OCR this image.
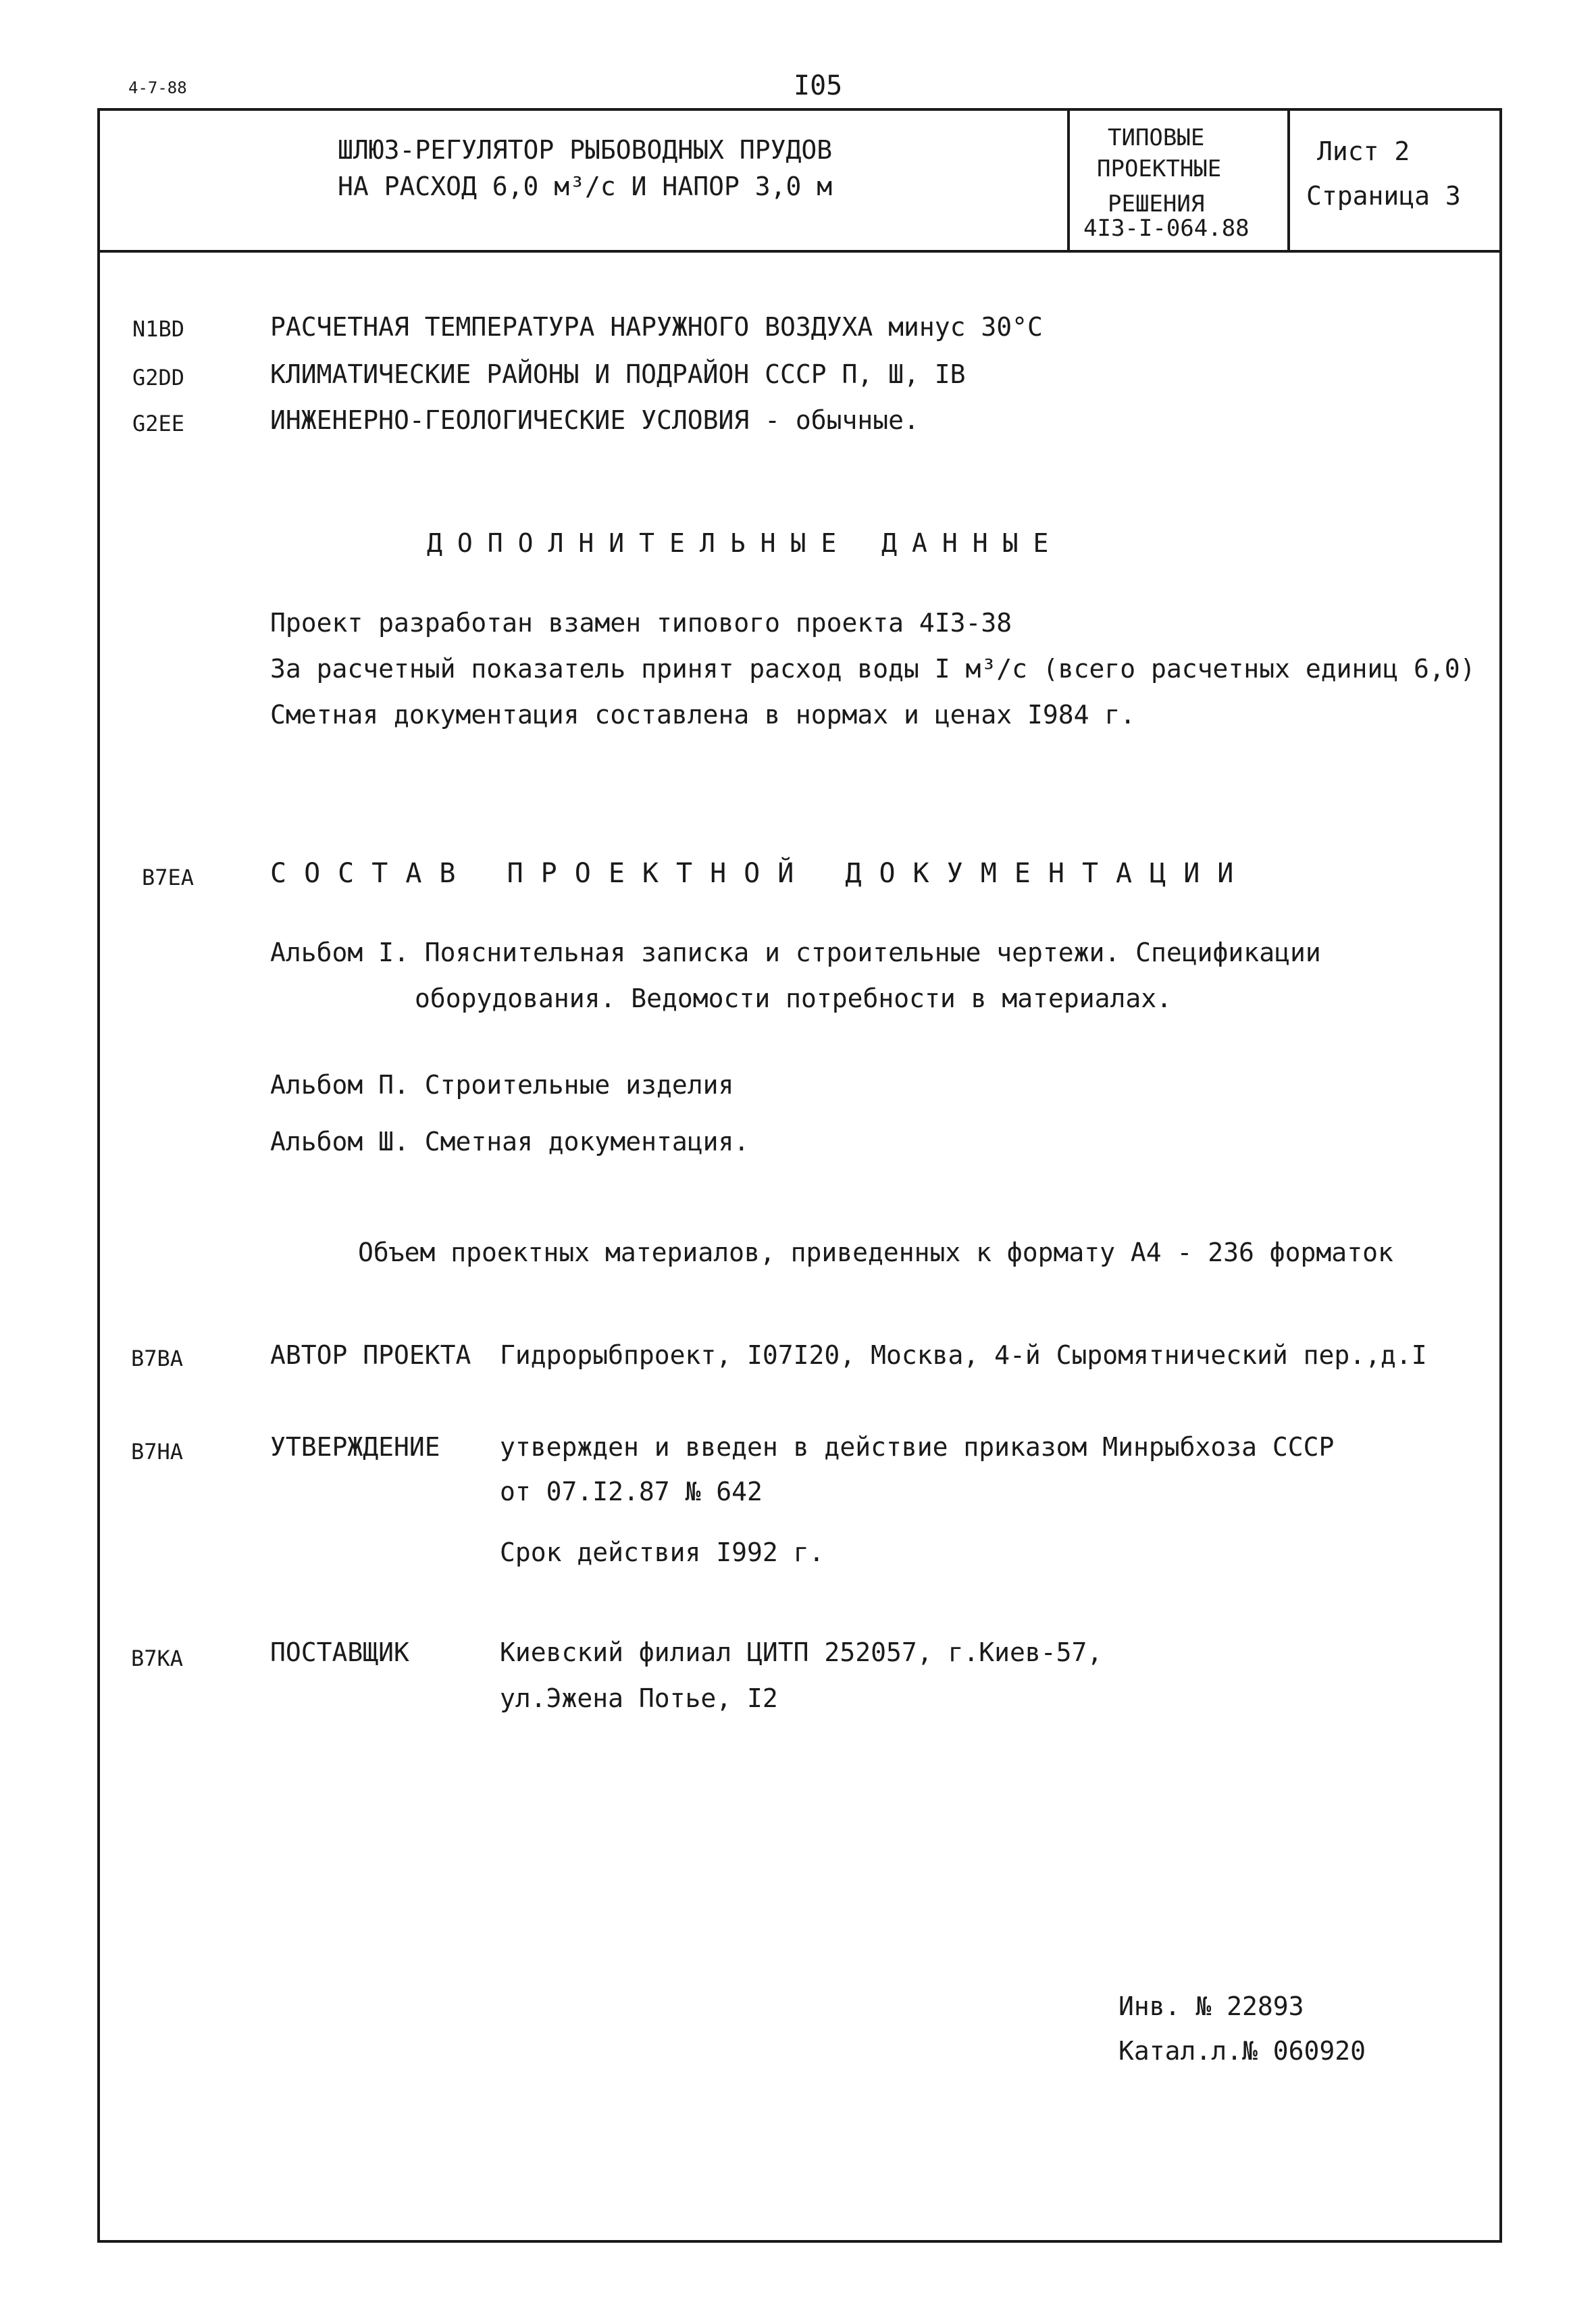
4-7-88	I05
ШЛЮЗ-РЕГУЛЯТОР РЫБОВОДНЫХ ПРУДОВ
НА РАСХОД 6,0 м³/с И НАПОР 3,0 м
ТИПОВЫЕ
ПРОЕКТНЫЕ
РЕШЕНИЯ
4I3-I-064.88
Лист 2
Страница 3
N1BD	РАСЧЕТНАЯ ТЕМПЕРАТУРА НАРУЖНОГО ВОЗДУХА минус 30°С
G2DD	КЛИМАТИЧЕСКИЕ РАЙОНЫ И ПОДРАЙОН СССР П, Ш, IВ
G2EE	ИНЖЕНЕРНО-ГЕОЛОГИЧЕСКИЕ УСЛОВИЯ - обычные.
ДОПОЛНИТЕЛЬНЫЕ ДАННЫЕ
Проект разработан взамен типового проекта 4I3-38
За расчетный показатель принят расход воды I м³/с (всего расчетных единиц 6,0)
Сметная документация составлена в нормах и ценах I984 г.
B7EA	СОСТАВ ПРОЕКТНОЙ ДОКУМЕНТАЦИИ
Альбом I. Пояснительная записка и строительные чертежи. Спецификации
оборудования. Ведомости потребности в материалах.
Альбом П. Строительные изделия
Альбом Ш. Сметная документация.
Объем проектных материалов, приведенных к формату А4 - 236 форматок
B7BA	АВТОР ПРОЕКТА Гидрорыбпроект, I07I20, Москва, 4-й Сыромятнический пер.,д.I
B7HA	УТВЕРЖДЕНИЕ утвержден и введен в действие приказом Минрыбхоза СССР
от 07.I2.87 № 642
Срок действия I992 г.
B7KA	ПОСТАВЩИК	Киевский филиал ЦИТП 252057, г.Киев-57,
ул.Эжена Потье, I2
Инв. № 22893
Катал.л.№ 060920
